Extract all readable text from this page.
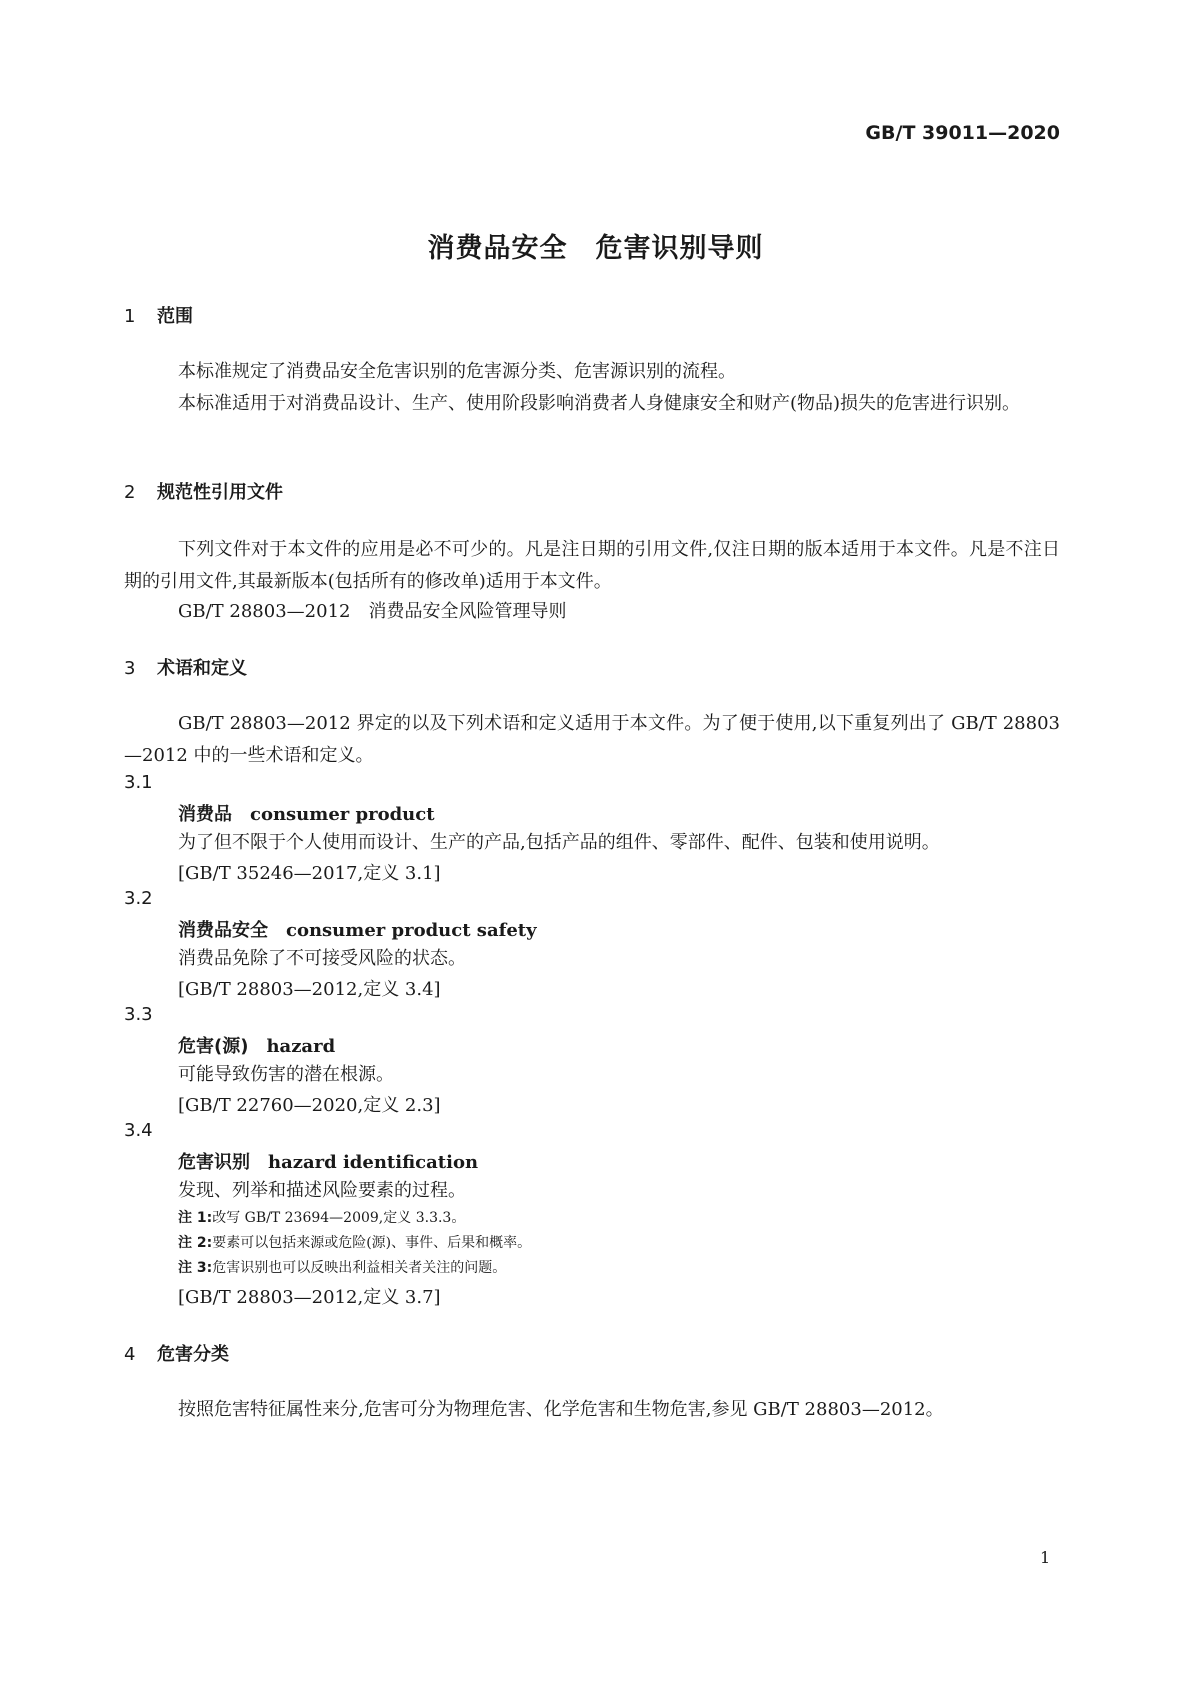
GB/T 39011—2020
消费品安全　危害识别导则
1 范围
本标准规定了消费品安全危害识别的危害源分类、危害源识别的流程。
本标准适用于对消费品设计、生产、使用阶段影响消费者人身健康安全和财产(物品)损失的危害进行识别。
2 规范性引用文件
下列文件对于本文件的应用是必不可少的。凡是注日期的引用文件,仅注日期的版本适用于本文件。凡是不注日期的引用文件,其最新版本(包括所有的修改单)适用于本文件。
GB/T 28803—2012　消费品安全风险管理导则
3 术语和定义
GB/T 28803—2012 界定的以及下列术语和定义适用于本文件。为了便于使用,以下重复列出了 GB/T 28803—2012 中的一些术语和定义。
3.1
消费品 consumer product
为了但不限于个人使用而设计、生产的产品,包括产品的组件、零部件、配件、包装和使用说明。
[GB/T 35246—2017,定义 3.1]
3.2
消费品安全 consumer product safety
消费品免除了不可接受风险的状态。
[GB/T 28803—2012,定义 3.4]
3.3
危害(源) hazard
可能导致伤害的潜在根源。
[GB/T 22760—2020,定义 2.3]
3.4
危害识别 hazard identification
发现、列举和描述风险要素的过程。
注 1:改写 GB/T 23694—2009,定义 3.3.3。
注 2:要素可以包括来源或危险(源)、事件、后果和概率。
注 3:危害识别也可以反映出利益相关者关注的问题。
[GB/T 28803—2012,定义 3.7]
4 危害分类
按照危害特征属性来分,危害可分为物理危害、化学危害和生物危害,参见 GB/T 28803—2012。
1
